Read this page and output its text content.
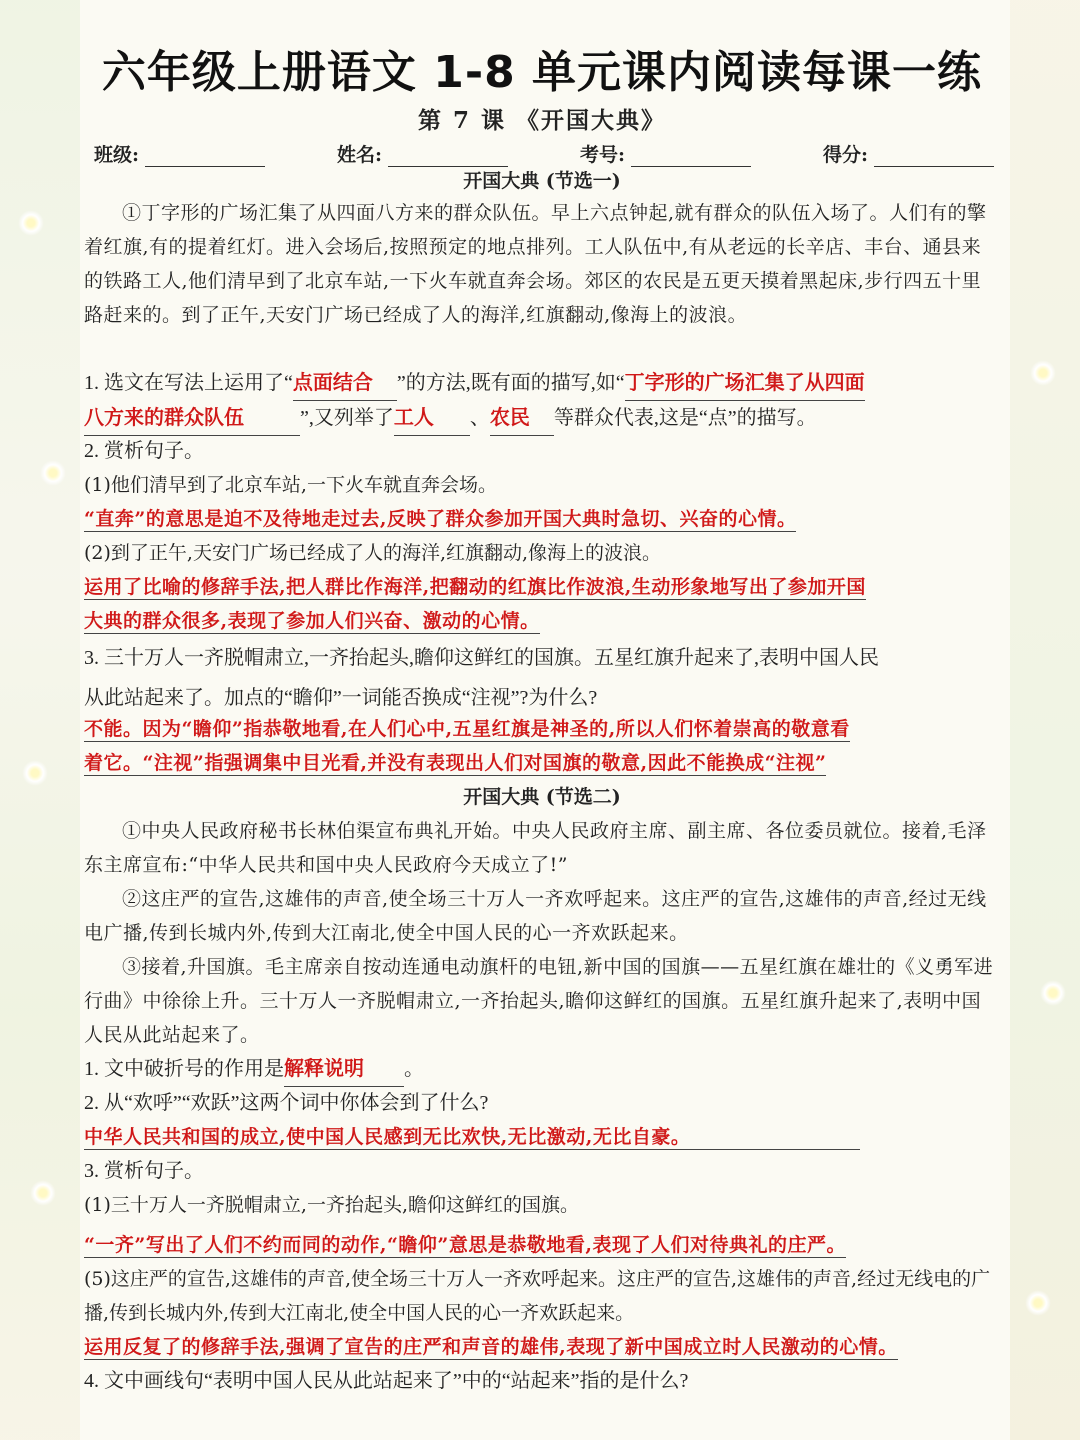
六年级上册语文 1-8 单元课内阅读每课一练
第 7 课 《开国大典》
班级:	姓名:	考号:	得分:
开国大典 (节选一)
①丁字形的广场汇集了从四面八方来的群众队伍。早上六点钟起,就有群众的队伍入场了。人们有的擎着红旗,有的提着红灯。进入会场后,按照预定的地点排列。工人队伍中,有从老远的长辛店、丰台、通县来的铁路工人,他们清早到了北京车站,一下火车就直奔会场。郊区的农民是五更天摸着黑起床,步行四五十里路赶来的。到了正午,天安门广场已经成了人的海洋,红旗翻动,像海上的波浪。
1. 选文在写法上运用了“点面结合 ”的方法,既有面的描写,如“丁字形的广场汇集了从四面
八方来的群众队伍	”,又列举了工人 、农民 等群众代表,这是“点”的描写。
2. 赏析句子。
(1)他们清早到了北京车站,一下火车就直奔会场。
“直奔”的意思是迫不及待地走过去,反映了群众参加开国大典时急切、兴奋的心情。
(2)到了正午,天安门广场已经成了人的海洋,红旗翻动,像海上的波浪。
运用了比喻的修辞手法,把人群比作海洋,把翻动的红旗比作波浪,生动形象地写出了参加开国
大典的群众很多,表现了参加人们兴奋、激动的心情。
3. 三十万人一齐脱帽肃立,一齐抬起头,瞻仰这鲜红的国旗。五星红旗升起来了,表明中国人民
从此站起来了。加点的“瞻仰”一词能否换成“注视”?为什么?
不能。因为“瞻仰”指恭敬地看,在人们心中,五星红旗是神圣的,所以人们怀着崇高的敬意看
着它。“注视”指强调集中目光看,并没有表现出人们对国旗的敬意,因此不能换成“注视”
开国大典 (节选二)
①中央人民政府秘书长林伯渠宣布典礼开始。中央人民政府主席、副主席、各位委员就位。接着,毛泽东主席宣布:“中华人民共和国中央人民政府今天成立了!”
②这庄严的宣告,这雄伟的声音,使全场三十万人一齐欢呼起来。这庄严的宣告,这雄伟的声音,经过无线电广播,传到长城内外,传到大江南北,使全中国人民的心一齐欢跃起来。
③接着,升国旗。毛主席亲自按动连通电动旗杆的电钮,新中国的国旗——五星红旗在雄壮的《义勇军进行曲》中徐徐上升。三十万人一齐脱帽肃立,一齐抬起头,瞻仰这鲜红的国旗。五星红旗升起来了,表明中国人民从此站起来了。
1. 文中破折号的作用是解释说明 。
2. 从“欢呼”“欢跃”这两个词中你体会到了什么?
中华人民共和国的成立,使中国人民感到无比欢快,无比激动,无比自豪。
3. 赏析句子。
(1)三十万人一齐脱帽肃立,一齐抬起头,瞻仰这鲜红的国旗。
“一齐”写出了人们不约而同的动作,“瞻仰”意思是恭敬地看,表现了人们对待典礼的庄严。
(5)这庄严的宣告,这雄伟的声音,使全场三十万人一齐欢呼起来。这庄严的宣告,这雄伟的声音,经过无线电的广播,传到长城内外,传到大江南北,使全中国人民的心一齐欢跃起来。
运用反复了的修辞手法,强调了宣告的庄严和声音的雄伟,表现了新中国成立时人民激动的心情。
4. 文中画线句“表明中国人民从此站起来了”中的“站起来”指的是什么?
